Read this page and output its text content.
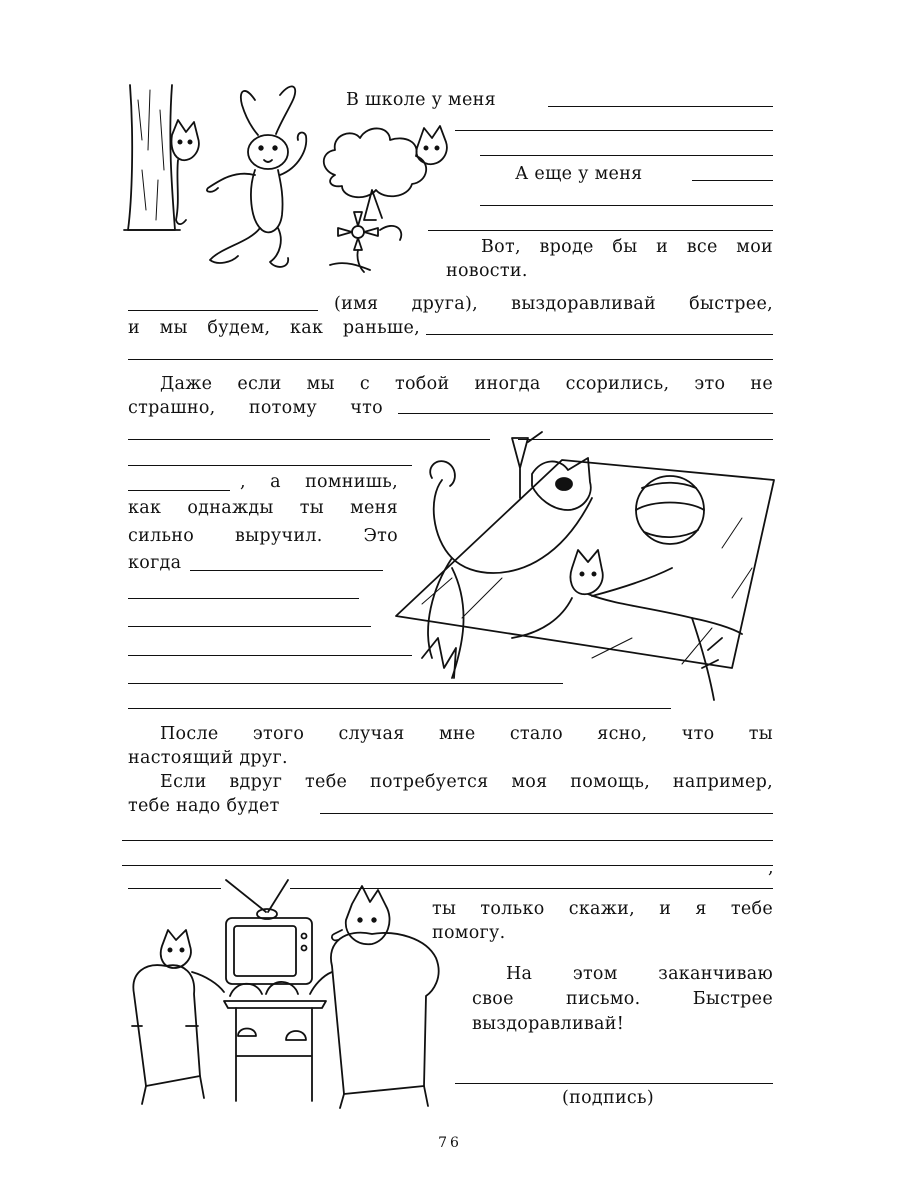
В школе у меня
А еще у меня
Вот, вроде бы и все мои
новости.
(имя друга), выздоравливай быстрее,
и мы будем, как раньше,
Даже если мы с тобой иногда ссорились, это не
страшно, потому что
, а помнишь,
как однажды ты меня
сильно выручил. Это
когда
После этого случая мне стало ясно, что ты
настоящий друг.
Если вдруг тебе потребуется моя помощь, например,
тебе надо будет
,
ты только скажи, и я тебе
помогу.
На этом заканчиваю
свое письмо. Быстрее
выздоравливай!
(подпись)
76
